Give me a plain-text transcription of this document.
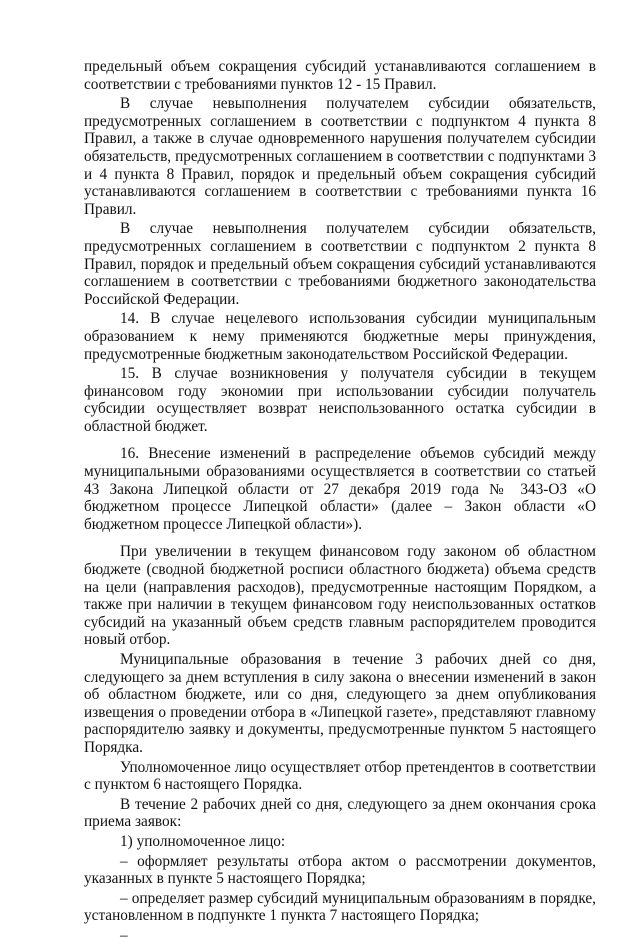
предельный объем сокращения субсидий устанавливаются соглашением в соответствии с требованиями пунктов 12 - 15 Правил.

В случае невыполнения получателем субсидии обязательств, предусмотренных соглашением в соответствии с подпунктом 4 пункта 8 Правил, а также в случае одновременного нарушения получателем субсидии обязательств, предусмотренных соглашением в соответствии с подпунктами 3 и 4 пункта 8 Правил, порядок и предельный объем сокращения субсидий устанавливаются соглашением в соответствии с требованиями пункта 16 Правил.

В случае невыполнения получателем субсидии обязательств, предусмотренных соглашением в соответствии с подпунктом 2 пункта 8 Правил, порядок и предельный объем сокращения субсидий устанавливаются соглашением в соответствии с требованиями бюджетного законодательства Российской Федерации.

14. В случае нецелевого использования субсидии муниципальным образованием к нему применяются бюджетные меры принуждения, предусмотренные бюджетным законодательством Российской Федерации.

15. В случае возникновения у получателя субсидии в текущем финансовом году экономии при использовании субсидии получатель субсидии осуществляет возврат неиспользованного остатка субсидии в областной бюджет.

16. Внесение изменений в распределение объемов субсидий между муниципальными образованиями осуществляется в соответствии со статьей 43 Закона Липецкой области от 27 декабря 2019 года № 343-ОЗ «О бюджетном процессе Липецкой области» (далее – Закон области «О бюджетном процессе Липецкой области»).

При увеличении в текущем финансовом году законом об областном бюджете (сводной бюджетной росписи областного бюджета) объема средств на цели (направления расходов), предусмотренные настоящим Порядком, а также при наличии в текущем финансовом году неиспользованных остатков субсидий на указанный объем средств главным распорядителем проводится новый отбор.

Муниципальные образования в течение 3 рабочих дней со дня, следующего за днем вступления в силу закона о внесении изменений в закон об областном бюджете, или со дня, следующего за днем опубликования извещения о проведении отбора в «Липецкой газете», представляют главному распорядителю заявку и документы, предусмотренные пунктом 5 настоящего Порядка.

Уполномоченное лицо осуществляет отбор претендентов в соответствии с пунктом 6 настоящего Порядка.

В течение 2 рабочих дней со дня, следующего за днем окончания срока приема заявок:

1) уполномоченное лицо:

– оформляет результаты отбора актом о рассмотрении документов, указанных в пункте 5 настоящего Порядка;

– определяет размер субсидий муниципальным образованиям в порядке, установленном в подпункте 1 пункта 7 настоящего Порядка;

–
